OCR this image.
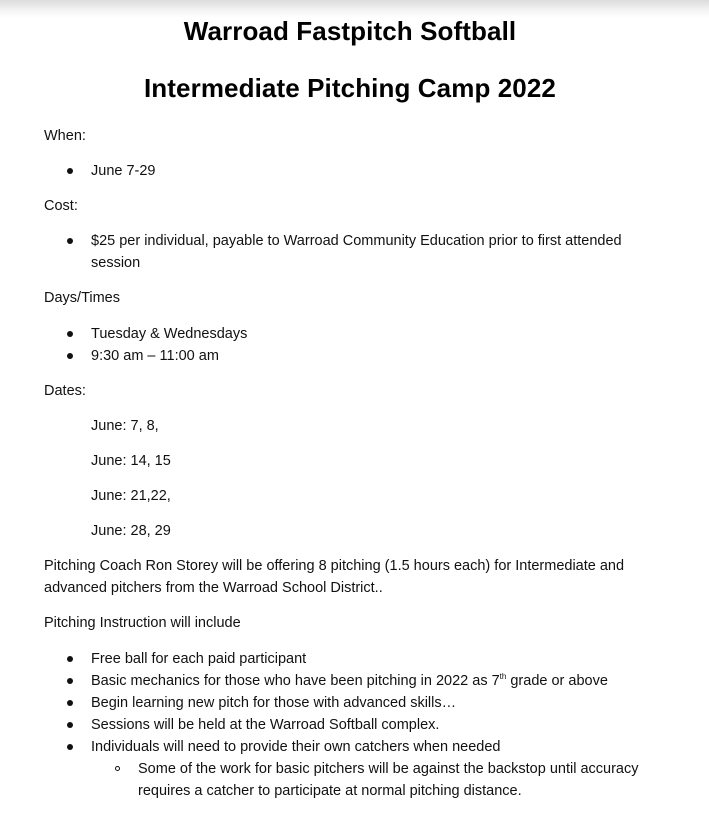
Warroad Fastpitch Softball
Intermediate Pitching Camp 2022
When:
June 7-29
Cost:
$25 per individual, payable to Warroad Community Education prior to first attended
session
Days/Times
Tuesday & Wednesdays
9:30 am – 11:00 am
Dates:
June: 7, 8,
June: 14, 15
June: 21,22,
June: 28, 29
Pitching Coach Ron Storey will be offering 8 pitching (1.5 hours each) for Intermediate and
advanced pitchers from the Warroad School District..
Pitching Instruction will include
Free ball for each paid participant
Basic mechanics for those who have been pitching in 2022 as 7th grade or above
Begin learning new pitch for those with advanced skills…
Sessions will be held at the Warroad Softball complex.
Individuals will need to provide their own catchers when needed
Some of the work for basic pitchers will be against the backstop until accuracy
requires a catcher to participate at normal pitching distance.
